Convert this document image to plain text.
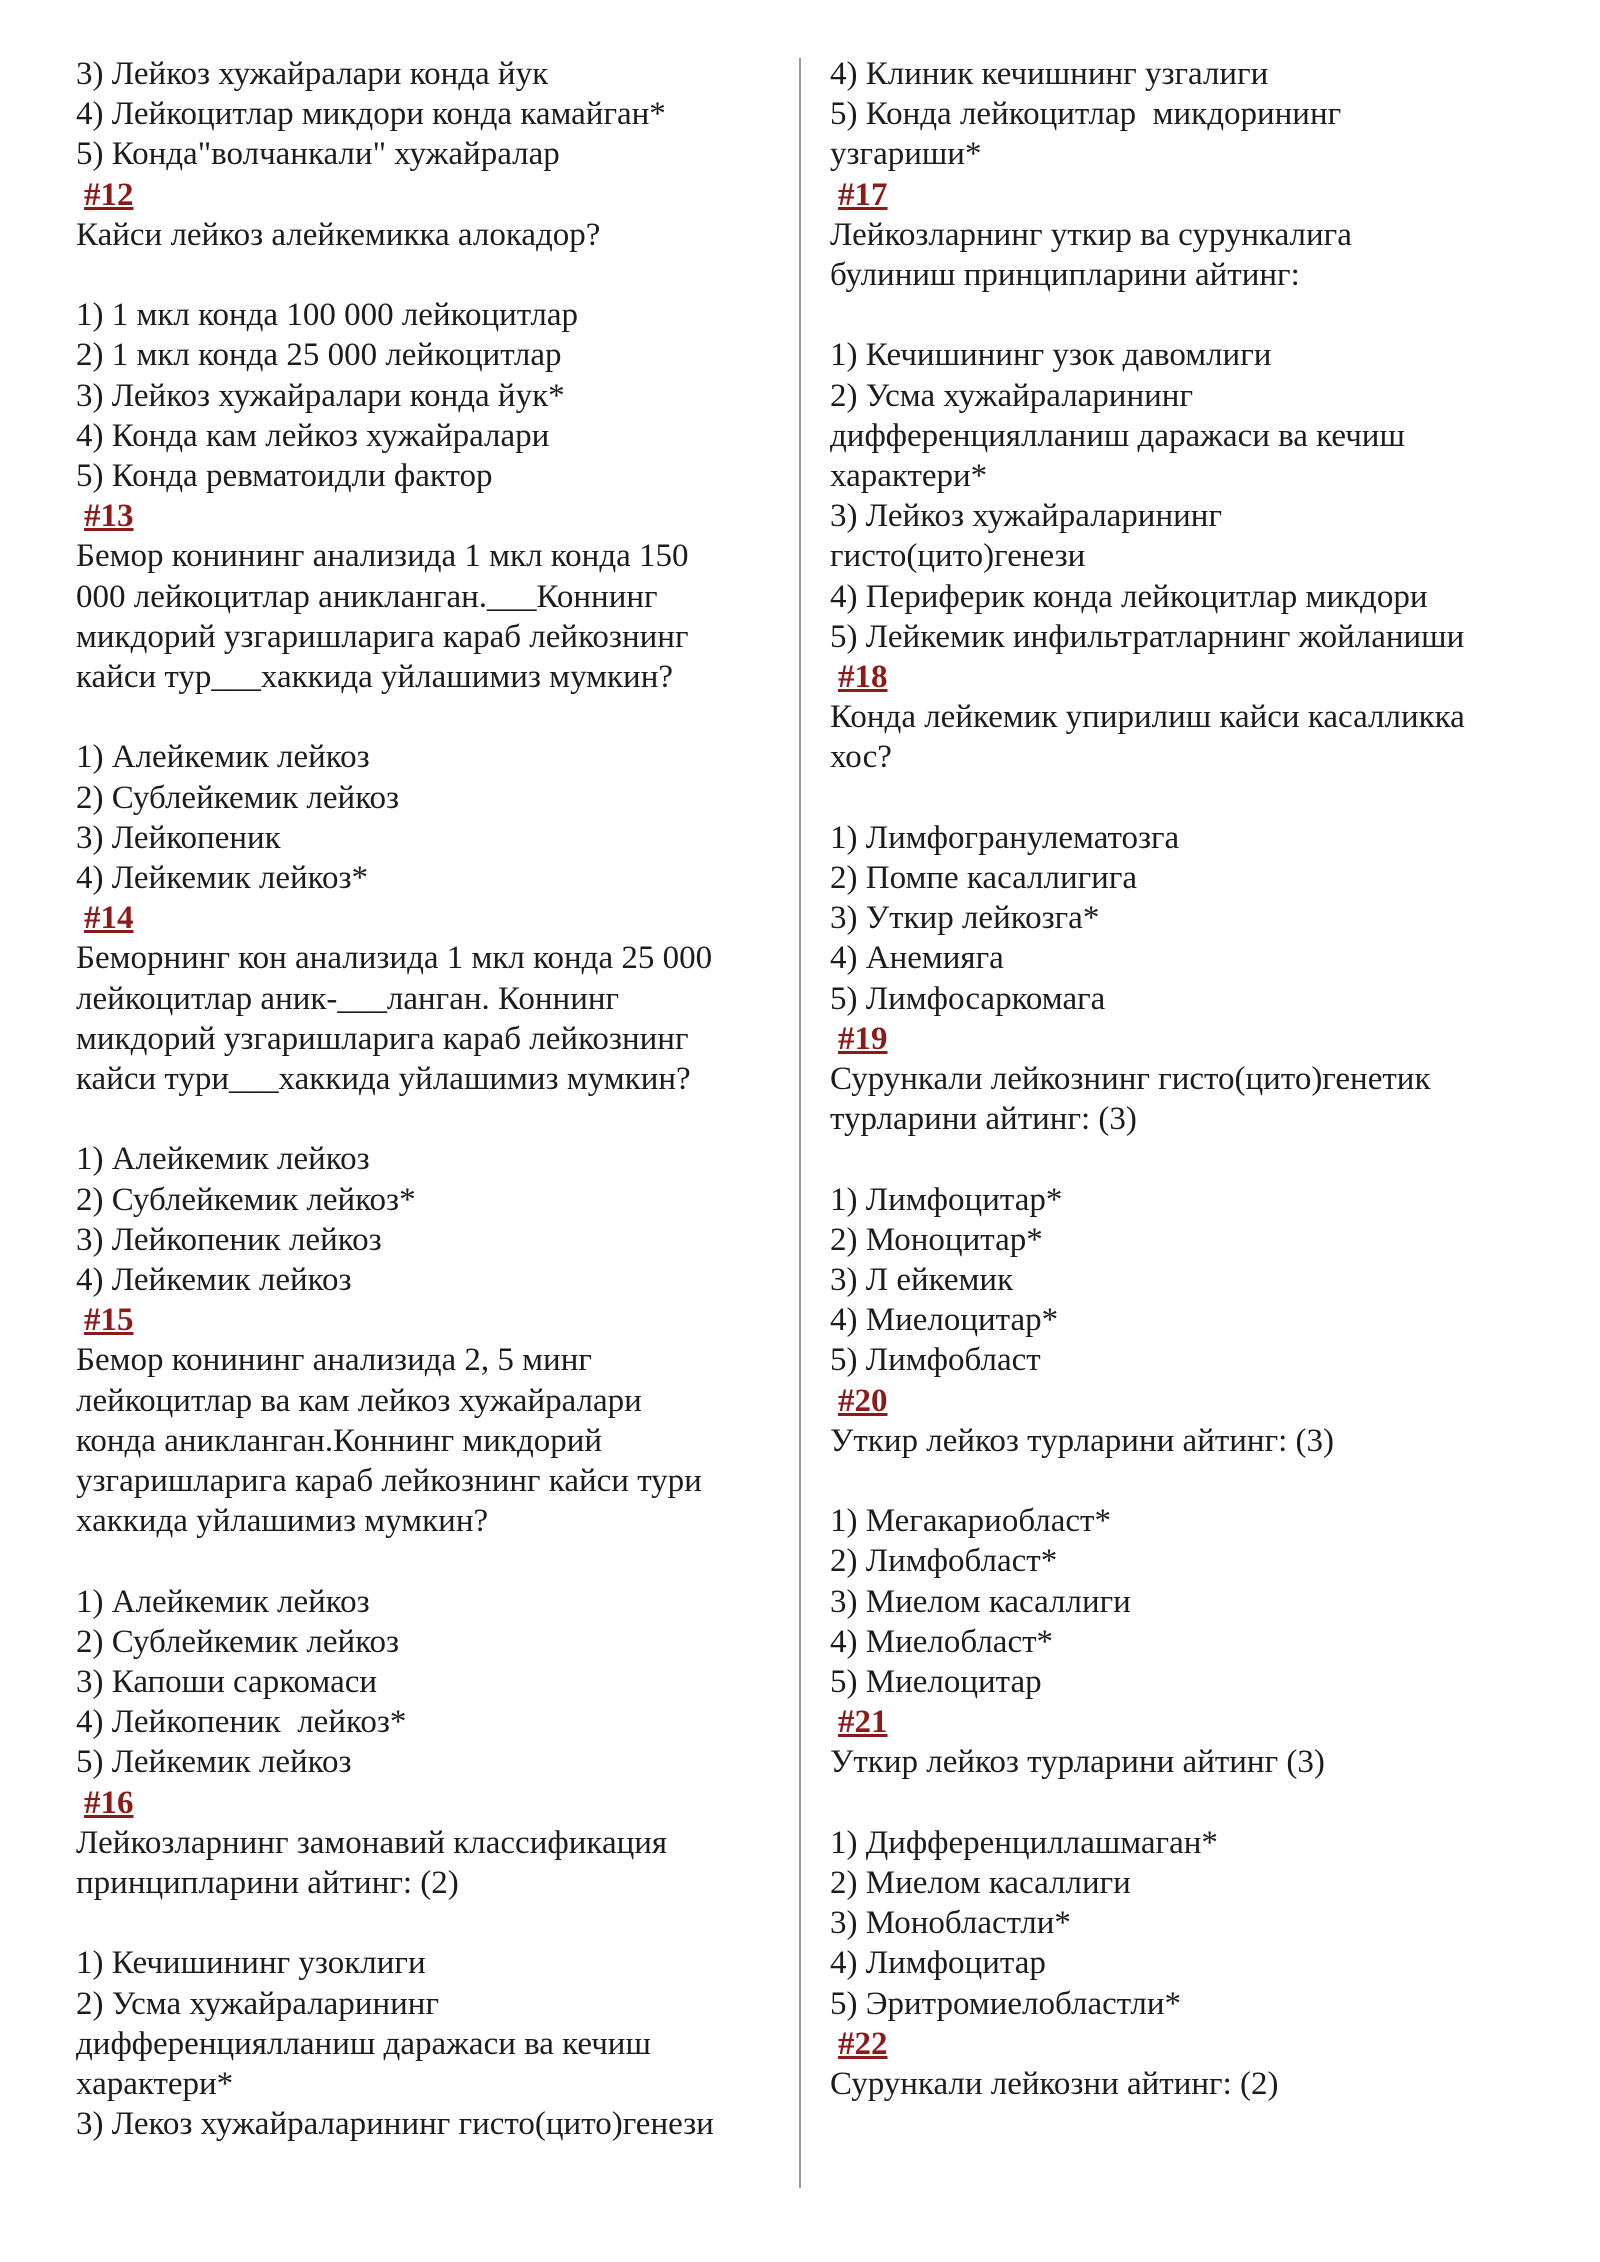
3) Лейкоз хужайралари конда йук
4) Лейкоцитлар микдори конда камайган*
5) Конда"волчанкали" хужайралар
#12
Кайси лейкоз алейкемикка алокадор?
1) 1 мкл конда 100 000 лейкоцитлар
2) 1 мкл конда 25 000 лейкоцитлар
3) Лейкоз хужайралари конда йук*
4) Конда кам лейкоз хужайралари
5) Конда ревматоидли фактор
#13
Бемор конининг анализида 1 мкл конда 150
000 лейкоцитлар аникланган.___Коннинг
микдорий узгаришларига караб лейкознинг
кайси тур___хаккида уйлашимиз мумкин?
1) Алейкемик лейкоз
2) Сублейкемик лейкоз
3) Лейкопеник
4) Лейкемик лейкоз*
#14
Беморнинг кон анализида 1 мкл конда 25 000
лейкоцитлар аник-___ланган. Коннинг
микдорий узгаришларига караб лейкознинг
кайси тури___хаккида уйлашимиз мумкин?
1) Алейкемик лейкоз
2) Сублейкемик лейкоз*
3) Лейкопеник лейкоз
4) Лейкемик лейкоз
#15
Бемор конининг анализида 2, 5 минг
лейкоцитлар ва кам лейкоз хужайралари
конда аникланган.Коннинг микдорий
узгаришларига караб лейкознинг кайси тури
хаккида уйлашимиз мумкин?
1) Алейкемик лейкоз
2) Сублейкемик лейкоз
3) Капоши саркомаси
4) Лейкопеник  лейкоз*
5) Лейкемик лейкоз
#16
Лейкозларнинг замонавий классификация
принципларини айтинг: (2)
1) Кечишининг узоклиги
2) Усма хужайраларининг
дифференциялланиш даражаси ва кечиш
характери*
3) Лекоз хужайраларининг гисто(цито)генези
4) Клиник кечишнинг узгалиги
5) Конда лейкоцитлар  микдорининг
узгариши*
#17
Лейкозларнинг уткир ва сурункалига
булиниш принципларини айтинг:
1) Кечишининг узок давомлиги
2) Усма хужайраларининг
дифференциялланиш даражаси ва кечиш
характери*
3) Лейкоз хужайраларининг
гисто(цито)генези
4) Периферик конда лейкоцитлар микдори
5) Лейкемик инфильтратларнинг жойланиши
#18
Конда лейкемик упирилиш кайси касалликка
хос?
1) Лимфогранулематозга
2) Помпе касаллигига
3) Уткир лейкозга*
4) Анемияга
5) Лимфосаркомага
#19
Сурункали лейкознинг гисто(цито)генетик
турларини айтинг: (3)
1) Лимфоцитар*
2) Моноцитар*
3) Л ейкемик
4) Миелоцитар*
5) Лимфобласт
#20
Уткир лейкоз турларини айтинг: (3)
1) Мегакариобласт*
2) Лимфобласт*
3) Миелом касаллиги
4) Миелобласт*
5) Миелоцитар
#21
Уткир лейкоз турларини айтинг (3)
1) Дифференциллашмаган*
2) Миелом касаллиги
3) Монобластли*
4) Лимфоцитар
5) Эритромиелобластли*
#22
Сурункали лейкозни айтинг: (2)
